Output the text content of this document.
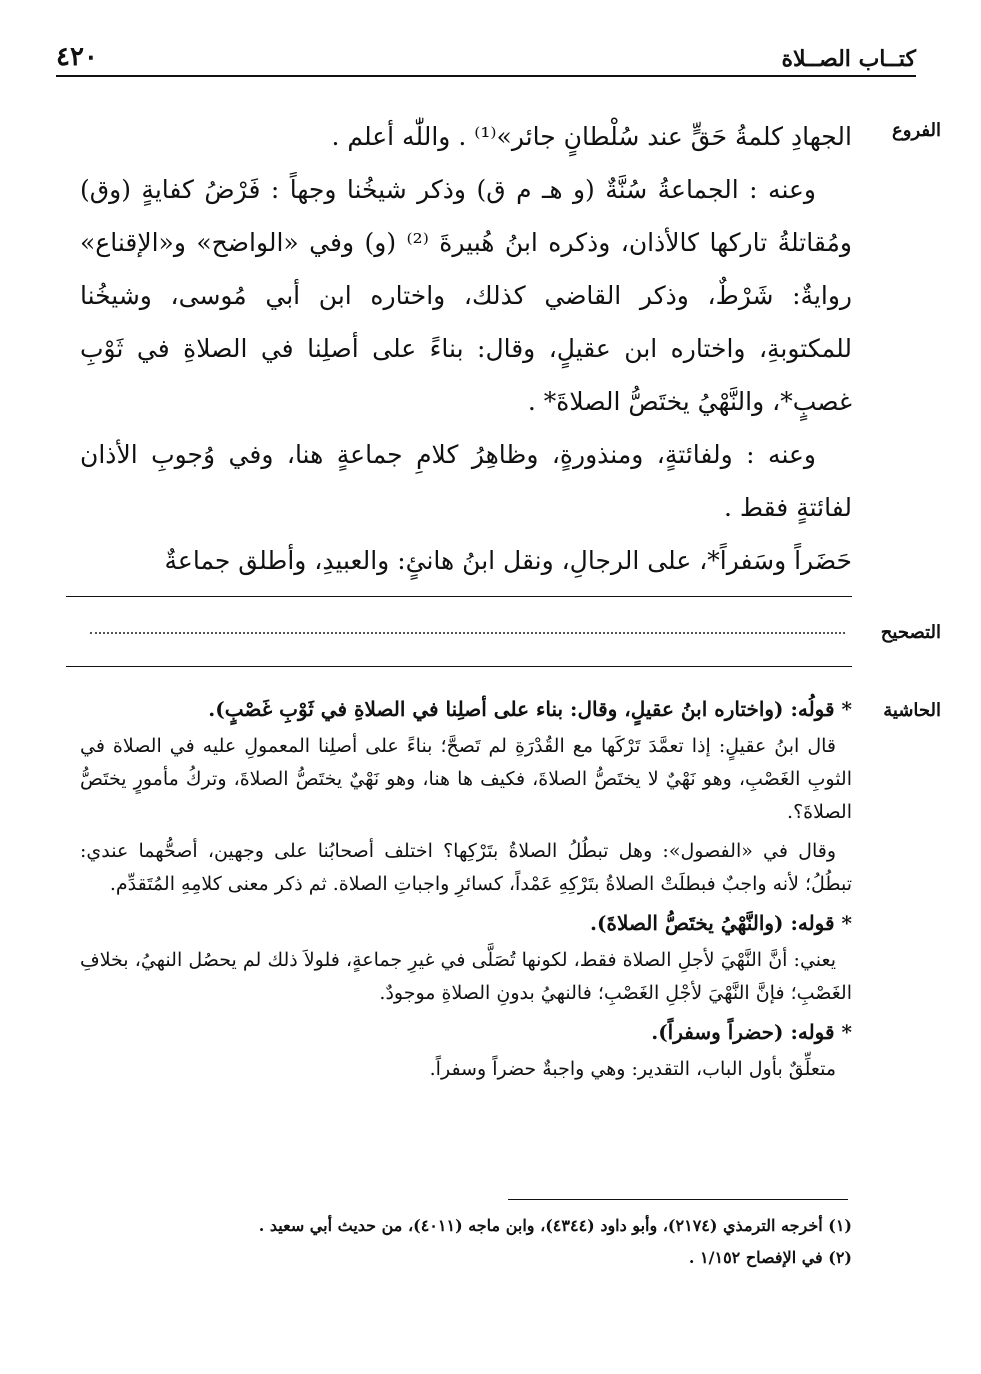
كتــاب الصــلاة
٤٢٠
الفروع

الجهادِ كلمةُ حَقٍّ عند سُلْطانٍ جائر»⁽¹⁾ . واللّٰه أعلم .

وعنه : الجماعةُ سُنَّةٌ (و هـ م ق) وذكر شيخُنا وجهاً : فَرْضُ كفايةٍ (وق) ومُقاتلةُ تاركها كالأذان، وذكره ابنُ هُبيرةَ ⁽²⁾ (و) وفي «الواضح» و«الإقناع» روايةٌ: شَرْطٌ، وذكر القاضي كذلك، واختاره ابن أبي مُوسى، وشيخُنا للمكتوبةِ، واختاره ابن عقيلٍ، وقال: بناءً على أصلِنا في الصلاةِ في ثَوْبِ غصبٍ*، والنَّهْيُ يختَصُّ الصلاةَ* .

وعنه : ولفائتةٍ، ومنذورةٍ، وظاهِرُ كلامِ جماعةٍ هنا، وفي وُجوبِ الأذان لفائتةٍ فقط .

حَضَراً وسَفراً*، على الرجالِ، ونقل ابنُ هانئٍ: والعبيدِ، وأطلق جماعةٌ

التصحيح
الحاشية

* قولُه: (واختاره ابنُ عقيلٍ، وقال: بناء على أصلِنا في الصلاةِ في ثَوْبِ غَصْبٍ).

قال ابنُ عقيلٍ: إذا تعمَّدَ تَرْكَها مع القُدْرَةِ لم تَصحَّ؛ بناءً على أصلِنا المعمولِ عليه في الصلاة في الثوبِ الغَصْبِ، وهو نَهْيٌ لا يختَصُّ الصلاةَ، فكيف ها هنا، وهو نَهْيٌ يختَصُّ الصلاةَ، وتركُ مأمورٍ يختَصُّ الصلاةَ؟.

وقال في «الفصول»: وهل تبطُلُ الصلاةُ بتَرْكِها؟ اختلف أصحابُنا على وجهين، أصحُّهما عندي: تبطُلُ؛ لأنه واجبٌ فبطلَتْ الصلاةُ بتَرْكِهِ عَمْداً، كسائرِ واجباتِ الصلاة. ثم ذكر معنى كلامِهِ المُتَقدِّم.

* قوله: (والنَّهْيُ يختَصُّ الصلاةَ).

يعني: أنَّ النَّهْيَ لأجلِ الصلاة فقط، لكونها تُصَلَّى في غيرِ جماعةٍ، فلولاَ ذلك لم يحصُل النهيُ، بخلافِ الغَصْبِ؛ فإنَّ النَّهْيَ لأجْلِ الغَصْبِ؛ فالنهيُ بدونِ الصلاةِ موجودٌ.

* قوله: (حضراً وسفراً).

متعلِّقٌ بأول الباب، التقدير: وهي واجبةٌ حضراً وسفراً.

(١) أخرجه الترمذي (٢١٧٤)، وأبو داود (٤٣٤٤)، وابن ماجه (٤٠١١)، من حديث أبي سعيد .

(٢) في الإفصاح ١/١٥٢ .
